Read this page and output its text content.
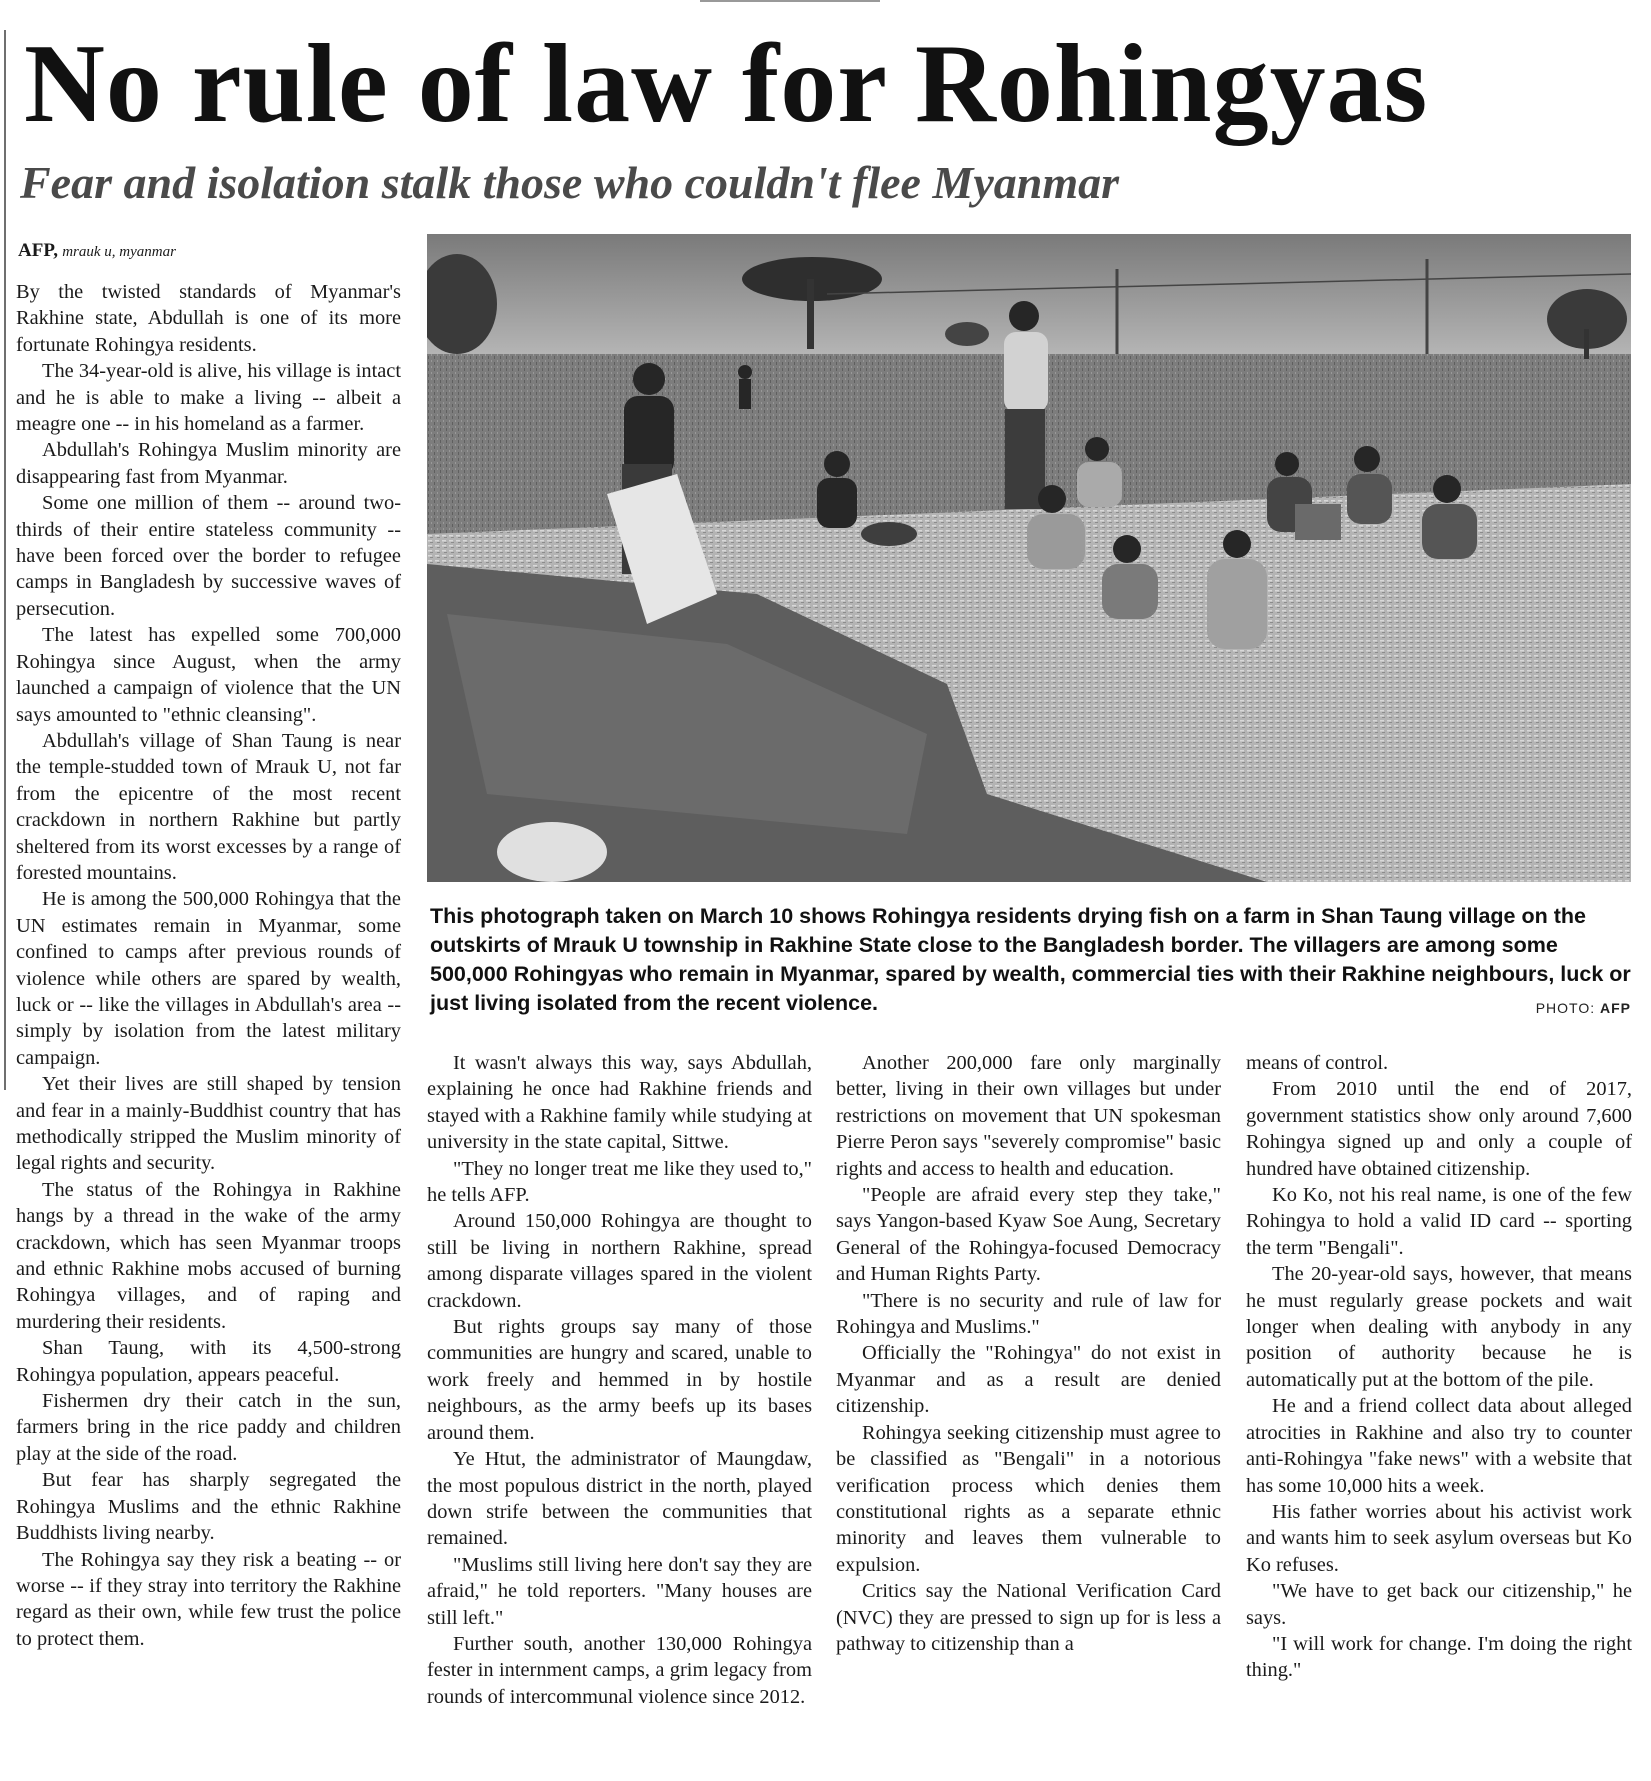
No rule of law for Rohingyas
Fear and isolation stalk those who couldn't flee Myanmar
AFP, mrauk u, myanmar

By the twisted standards of Myanmar's Rakhine state, Abdullah is one of its more fortunate Rohingya residents.

The 34-year-old is alive, his village is intact and he is able to make a living -- albeit a meagre one -- in his homeland as a farmer.

Abdullah's Rohingya Muslim minority are disappearing fast from Myanmar.

Some one million of them -- around two-thirds of their entire stateless community -- have been forced over the border to refugee camps in Bangladesh by successive waves of persecution.

The latest has expelled some 700,000 Rohingya since August, when the army launched a campaign of violence that the UN says amounted to "ethnic cleansing".

Abdullah's village of Shan Taung is near the temple-studded town of Mrauk U, not far from the epicentre of the most recent crackdown in northern Rakhine but partly sheltered from its worst excesses by a range of forested mountains.

He is among the 500,000 Rohingya that the UN estimates remain in Myanmar, some confined to camps after previous rounds of violence while others are spared by wealth, luck or -- like the villages in Abdullah's area -- simply by isolation from the latest military campaign.

Yet their lives are still shaped by tension and fear in a mainly-Buddhist country that has methodically stripped the Muslim minority of legal rights and security.

The status of the Rohingya in Rakhine hangs by a thread in the wake of the army crackdown, which has seen Myanmar troops and ethnic Rakhine mobs accused of burning Rohingya villages, and of raping and murdering their residents.

Shan Taung, with its 4,500-strong Rohingya population, appears peaceful.

Fishermen dry their catch in the sun, farmers bring in the rice paddy and children play at the side of the road.

But fear has sharply segregated the Rohingya Muslims and the ethnic Rakhine Buddhists living nearby.

The Rohingya say they risk a beating -- or worse -- if they stray into territory the Rakhine regard as their own, while few trust the police to protect them.

This photograph taken on March 10 shows Rohingya residents drying fish on a farm in Shan Taung village on the outskirts of Mrauk U township in Rakhine State close to the Bangladesh border. The villagers are among some 500,000 Rohingyas who remain in Myanmar, spared by wealth, commercial ties with their Rakhine neighbours, luck or just living isolated from the recent violence.	PHOTO: AFP

It wasn't always this way, says Abdullah, explaining he once had Rakhine friends and stayed with a Rakhine family while studying at university in the state capital, Sittwe.

"They no longer treat me like they used to," he tells AFP.

Around 150,000 Rohingya are thought to still be living in northern Rakhine, spread among disparate villages spared in the violent crackdown.

But rights groups say many of those communities are hungry and scared, unable to work freely and hemmed in by hostile neighbours, as the army beefs up its bases around them.

Ye Htut, the administrator of Maungdaw, the most populous district in the north, played down strife between the communities that remained.

"Muslims still living here don't say they are afraid," he told reporters. "Many houses are still left."

Further south, another 130,000 Rohingya fester in internment camps, a grim legacy from rounds of intercommunal violence since 2012.

Another 200,000 fare only marginally better, living in their own villages but under restrictions on movement that UN spokesman Pierre Peron says "severely compromise" basic rights and access to health and education.

"People are afraid every step they take," says Yangon-based Kyaw Soe Aung, Secretary General of the Rohingya-focused Democracy and Human Rights Party.

"There is no security and rule of law for Rohingya and Muslims."

Officially the "Rohingya" do not exist in Myanmar and as a result are denied citizenship.

Rohingya seeking citizenship must agree to be classified as "Bengali" in a notorious verification process which denies them constitutional rights as a separate ethnic minority and leaves them vulnerable to expulsion.

Critics say the National Verification Card (NVC) they are pressed to sign up for is less a pathway to citizenship than a

means of control.

From 2010 until the end of 2017, government statistics show only around 7,600 Rohingya signed up and only a couple of hundred have obtained citizenship.

Ko Ko, not his real name, is one of the few Rohingya to hold a valid ID card -- sporting the term "Bengali".

The 20-year-old says, however, that means he must regularly grease pockets and wait longer when dealing with anybody in any position of authority because he is automatically put at the bottom of the pile.

He and a friend collect data about alleged atrocities in Rakhine and also try to counter anti-Rohingya "fake news" with a website that has some 10,000 hits a week.

His father worries about his activist work and wants him to seek asylum overseas but Ko Ko refuses.

"We have to get back our citizenship," he says.

"I will work for change. I'm doing the right thing."
